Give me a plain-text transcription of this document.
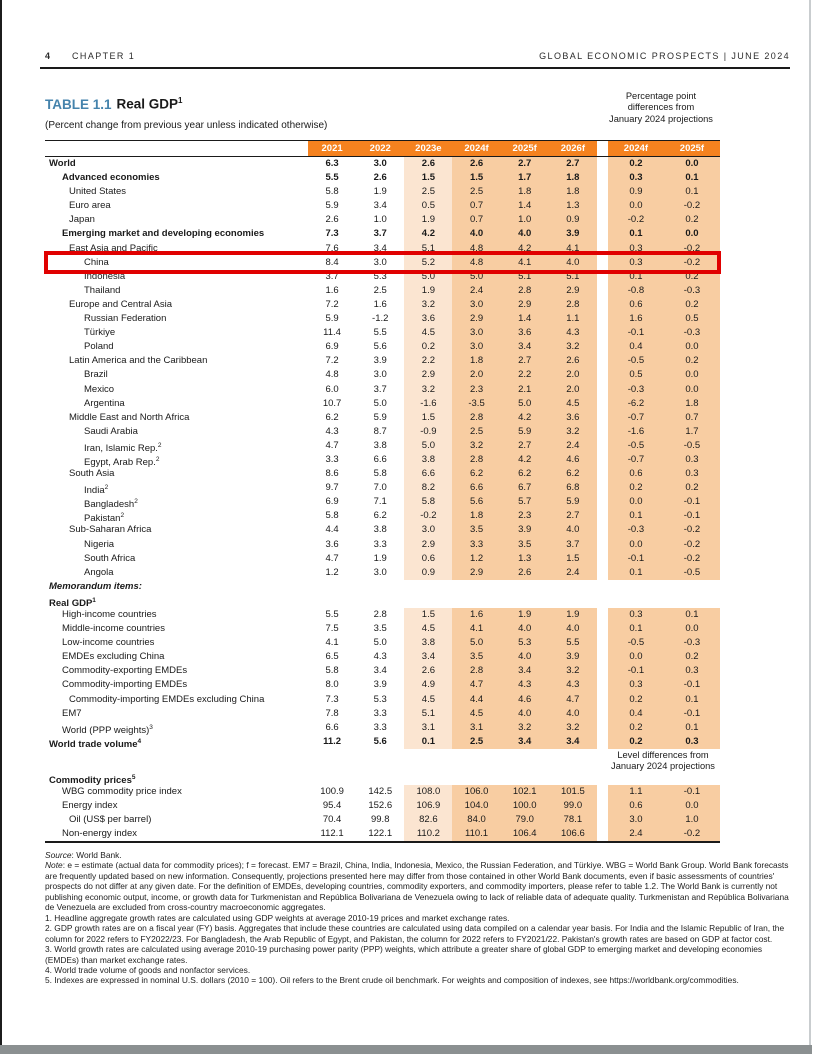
4 CHAPTER 1	GLOBAL ECONOMIC PROSPECTS | JUNE 2024
TABLE 1.1 Real GDP$^1$
(Percent change from previous year unless indicated otherwise)
Percentage point
differences from
January 2024 projections
2021	2022	2023e	2024f	2025f	2026f	2024f	2025f
World	6.3	3.0	2.6	2.6	2.7	2.7	0.2	0.0
Advanced economies	5.5	2.6	1.5	1.5	1.7	1.8	0.3	0.1
United States	5.8	1.9	2.5	2.5	1.8	1.8	0.9	0.1
Euro area	5.9	3.4	0.5	0.7	1.4	1.3	0.0	-0.2
Japan	2.6	1.0	1.9	0.7	1.0	0.9	-0.2	0.2
Emerging market and developing economies	7.3	3.7	4.2	4.0	4.0	3.9	0.1	0.0
East Asia and Pacific	7.6	3.4	5.1	4.8	4.2	4.1	0.3	-0.2
China	8.4	3.0	5.2	4.8	4.1	4.0	0.3	-0.2
Indonesia	3.7	5.3	5.0	5.0	5.1	5.1	0.1	0.2
Thailand	1.6	2.5	1.9	2.4	2.8	2.9	-0.8	-0.3
Europe and Central Asia	7.2	1.6	3.2	3.0	2.9	2.8	0.6	0.2
Russian Federation	5.9	-1.2	3.6	2.9	1.4	1.1	1.6	0.5
Türkiye	11.4	5.5	4.5	3.0	3.6	4.3	-0.1	-0.3
Poland	6.9	5.6	0.2	3.0	3.4	3.2	0.4	0.0
Latin America and the Caribbean	7.2	3.9	2.2	1.8	2.7	2.6	-0.5	0.2
Brazil	4.8	3.0	2.9	2.0	2.2	2.0	0.5	0.0
Mexico	6.0	3.7	3.2	2.3	2.1	2.0	-0.3	0.0
Argentina	10.7	5.0	-1.6	-3.5	5.0	4.5	-6.2	1.8
Middle East and North Africa	6.2	5.9	1.5	2.8	4.2	3.6	-0.7	0.7
Saudi Arabia	4.3	8.7	-0.9	2.5	5.9	3.2	-1.6	1.7
Iran, Islamic Rep.$^2$	4.7	3.8	5.0	3.2	2.7	2.4	-0.5	-0.5
Egypt, Arab Rep.$^2$	3.3	6.6	3.8	2.8	4.2	4.6	-0.7	0.3
South Asia	8.6	5.8	6.6	6.2	6.2	6.2	0.6	0.3
India$^2$	9.7	7.0	8.2	6.6	6.7	6.8	0.2	0.2
Bangladesh$^2$	6.9	7.1	5.8	5.6	5.7	5.9	0.0	-0.1
Pakistan$^2$	5.8	6.2	-0.2	1.8	2.3	2.7	0.1	-0.1
Sub-Saharan Africa	4.4	3.8	3.0	3.5	3.9	4.0	-0.3	-0.2
Nigeria	3.6	3.3	2.9	3.3	3.5	3.7	0.0	-0.2
South Africa	4.7	1.9	0.6	1.2	1.3	1.5	-0.1	-0.2
Angola	1.2	3.0	0.9	2.9	2.6	2.4	0.1	-0.5
Memorandum items:
Real GDP$^1$
High-income countries	5.5	2.8	1.5	1.6	1.9	1.9	0.3	0.1
Middle-income countries	7.5	3.5	4.5	4.1	4.0	4.0	0.1	0.0
Low-income countries	4.1	5.0	3.8	5.0	5.3	5.5	-0.5	-0.3
EMDEs excluding China	6.5	4.3	3.4	3.5	4.0	3.9	0.0	0.2
Commodity-exporting EMDEs	5.8	3.4	2.6	2.8	3.4	3.2	-0.1	0.3
Commodity-importing EMDEs	8.0	3.9	4.9	4.7	4.3	4.3	0.3	-0.1
Commodity-importing EMDEs excluding China	7.3	5.3	4.5	4.4	4.6	4.7	0.2	0.1
EM7	7.8	3.3	5.1	4.5	4.0	4.0	0.4	-0.1
World (PPP weights)$^3$	6.6	3.3	3.1	3.1	3.2	3.2	0.2	0.1
World trade volume$^4$	11.2	5.6	0.1	2.5	3.4	3.4	0.2	0.3
Level differences from
January 2024 projections
Commodity prices$^5$
WBG commodity price index	100.9	142.5	108.0	106.0	102.1	101.5	1.1	-0.1
Energy index	95.4	152.6	106.9	104.0	100.0	99.0	0.6	0.0
Oil (US$ per barrel)	70.4	99.8	82.6	84.0	79.0	78.1	3.0	1.0
Non-energy index	112.1	122.1	110.2	110.1	106.4	106.6	2.4	-0.2

Source: World Bank.

Note: e = estimate (actual data for commodity prices); f = forecast. EM7 = Brazil, China, India, Indonesia, Mexico, the Russian Federation, and Türkiye. WBG = World Bank Group. World Bank forecasts are frequently updated based on new information. Consequently, projections presented here may differ from those contained in other World Bank documents, even if basic assessments of countries' prospects do not differ at any given date. For the definition of EMDEs, developing countries, commodity exporters, and commodity importers, please refer to table 1.2. The World Bank is currently not publishing economic output, income, or growth data for Turkmenistan and República Bolivariana de Venezuela owing to lack of reliable data of adequate quality. Turkmenistan and República Bolivariana de Venezuela are excluded from cross-country macroeconomic aggregates.

1. Headline aggregate growth rates are calculated using GDP weights at average 2010-19 prices and market exchange rates.

2. GDP growth rates are on a fiscal year (FY) basis. Aggregates that include these countries are calculated using data compiled on a calendar year basis. For India and the Islamic Republic of Iran, the column for 2022 refers to FY2022/23. For Bangladesh, the Arab Republic of Egypt, and Pakistan, the column for 2022 refers to FY2021/22. Pakistan's growth rates are based on GDP at factor cost.

3. World growth rates are calculated using average 2010-19 purchasing power parity (PPP) weights, which attribute a greater share of global GDP to emerging market and developing economies (EMDEs) than market exchange rates.

4. World trade volume of goods and nonfactor services.

5. Indexes are expressed in nominal U.S. dollars (2010 = 100). Oil refers to the Brent crude oil benchmark. For weights and composition of indexes, see https://worldbank.org/commodities.
